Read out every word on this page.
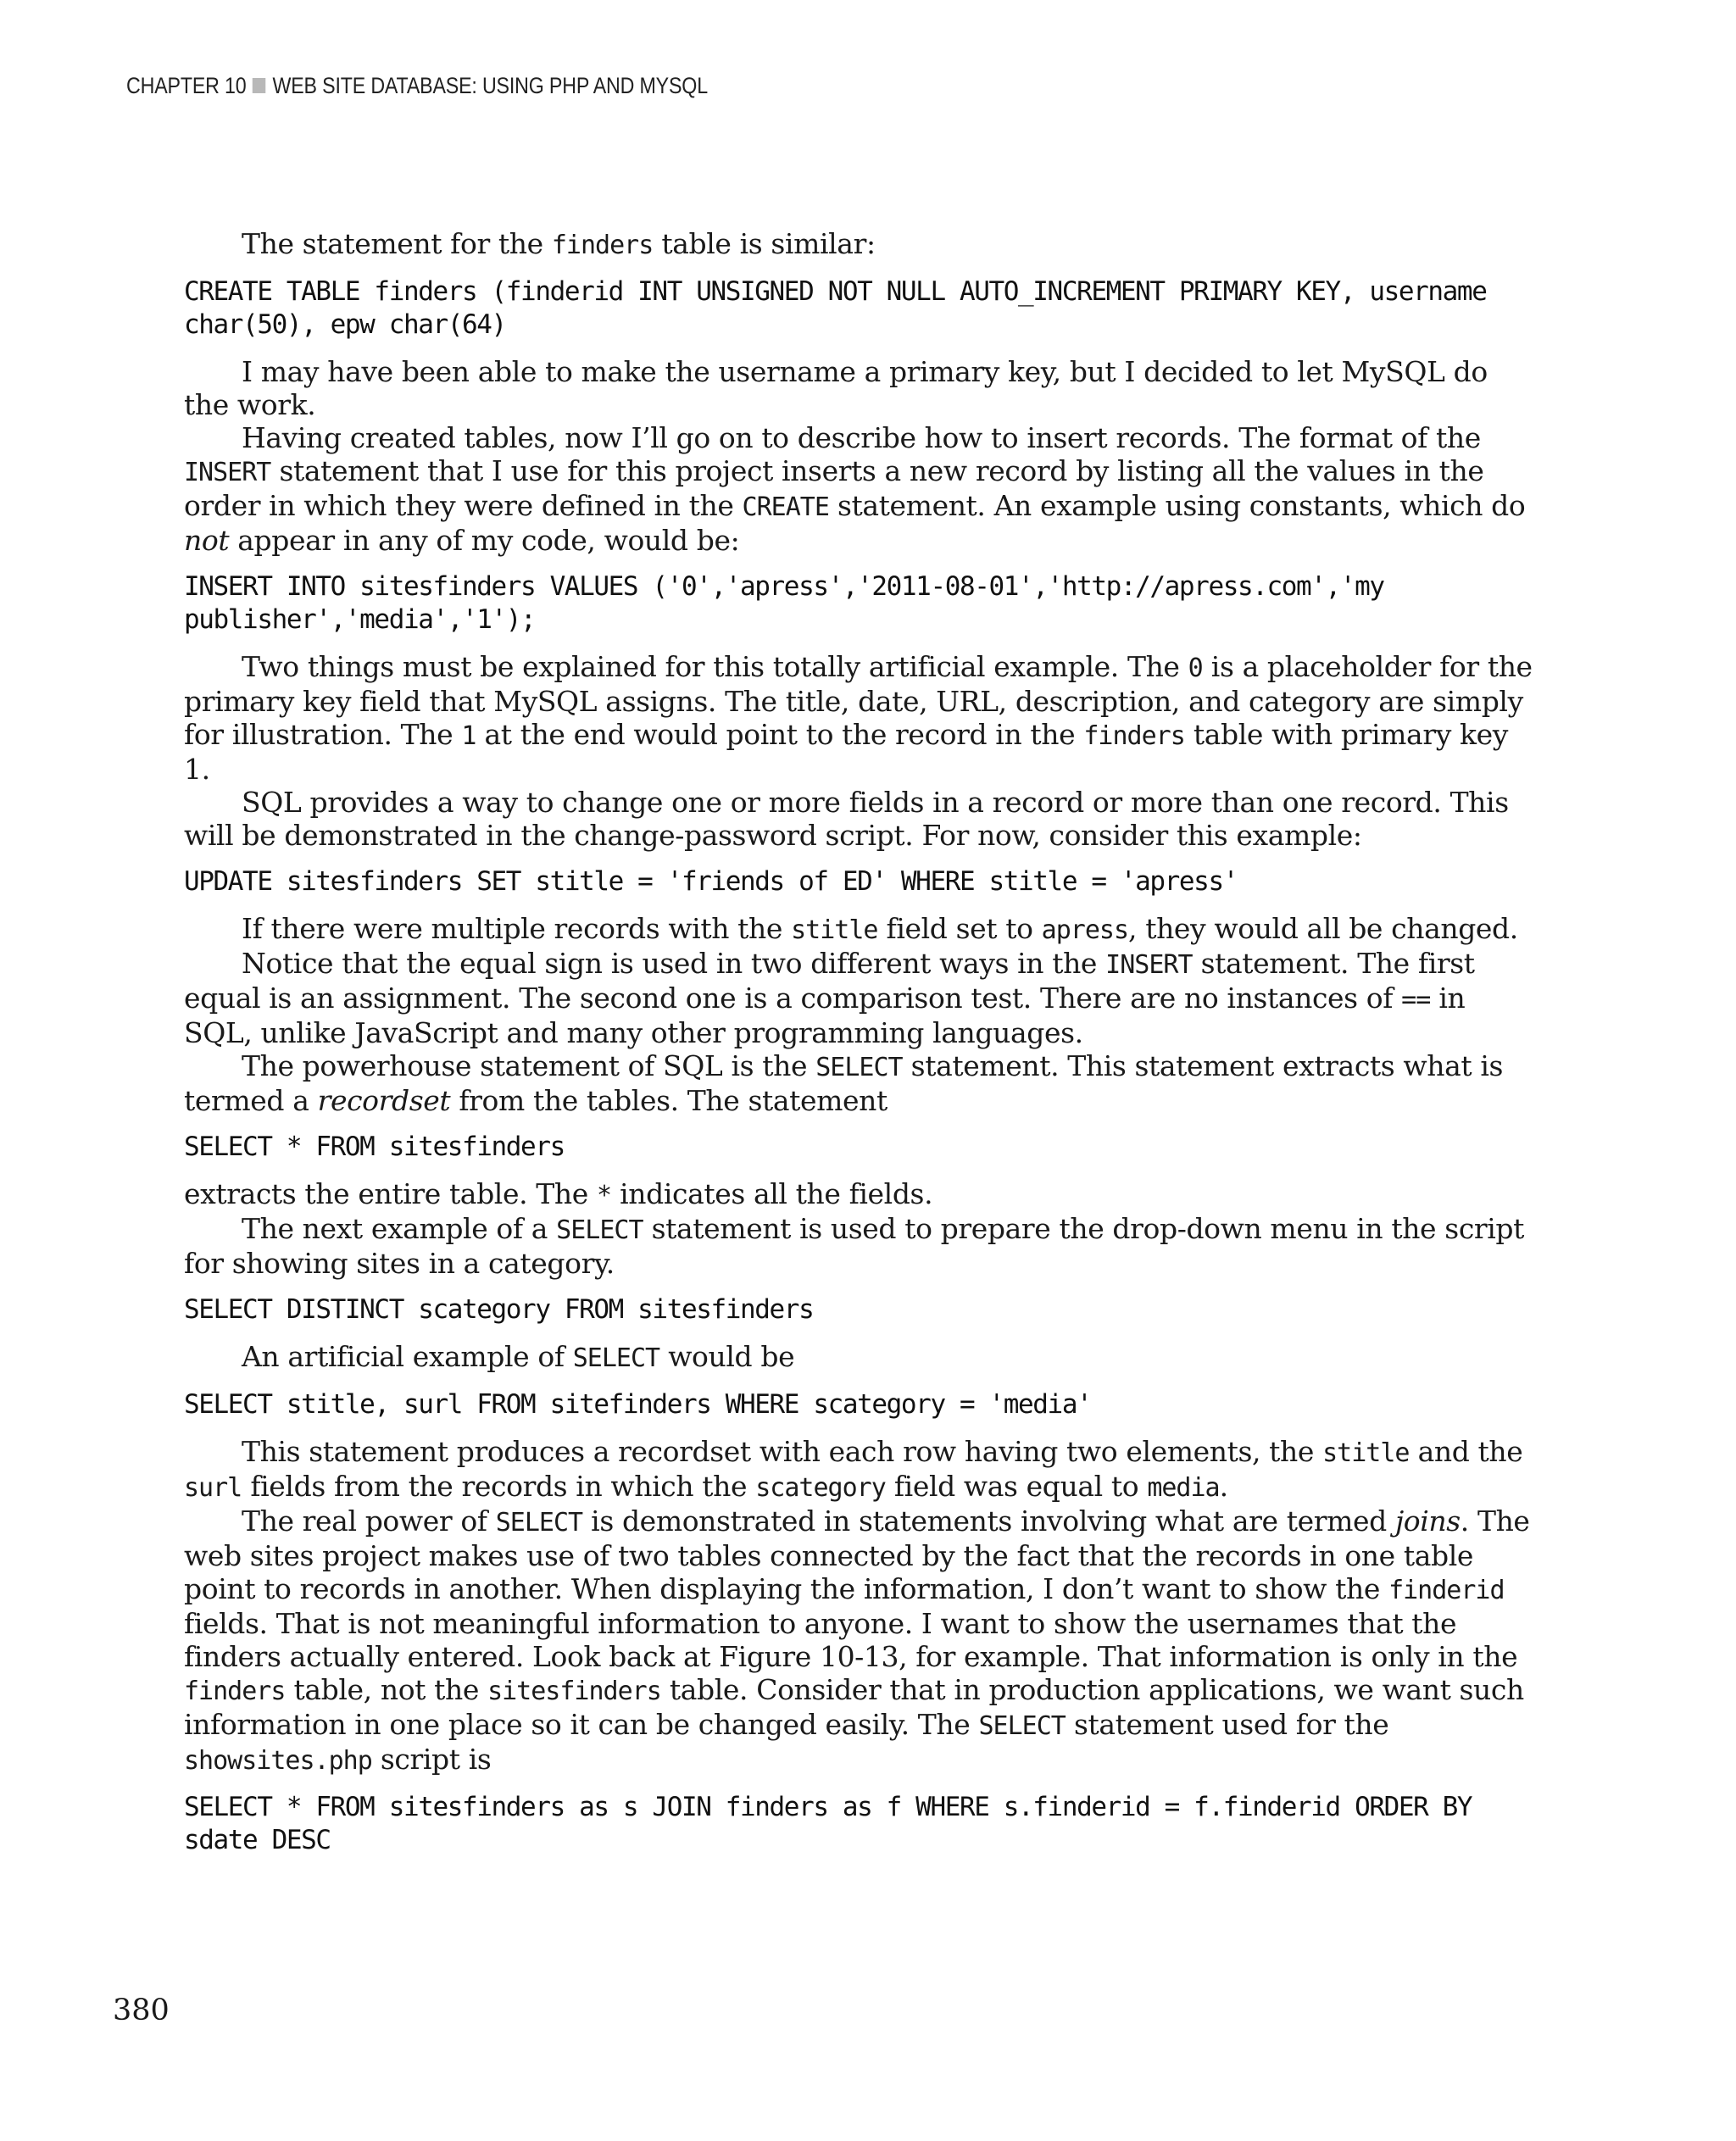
CHAPTER 10 WEB SITE DATABASE: USING PHP AND MYSQL

The statement for the finders table is similar:

CREATE TABLE finders (finderid INT UNSIGNED NOT NULL AUTO_INCREMENT PRIMARY KEY, username char(50), epw char(64)

I may have been able to make the username a primary key, but I decided to let MySQL do the work.

Having created tables, now I’ll go on to describe how to insert records. The format of the INSERT statement that I use for this project inserts a new record by listing all the values in the order in which they were defined in the CREATE statement. An example using constants, which do not appear in any of my code, would be:

INSERT INTO sitesfinders VALUES ('0','apress','2011-08-01','http://apress.com','my publisher','media','1');

Two things must be explained for this totally artificial example. The 0 is a placeholder for the primary key field that MySQL assigns. The title, date, URL, description, and category are simply for illustration. The 1 at the end would point to the record in the finders table with primary key 1.

SQL provides a way to change one or more fields in a record or more than one record. This will be demonstrated in the change-password script. For now, consider this example:

UPDATE sitesfinders SET stitle = 'friends of ED' WHERE stitle = 'apress'

If there were multiple records with the stitle field set to apress, they would all be changed.

Notice that the equal sign is used in two different ways in the INSERT statement. The first equal is an assignment. The second one is a comparison test. There are no instances of == in SQL, unlike JavaScript and many other programming languages.

The powerhouse statement of SQL is the SELECT statement. This statement extracts what is termed a recordset from the tables. The statement

SELECT * FROM sitesfinders

extracts the entire table. The * indicates all the fields.

The next example of a SELECT statement is used to prepare the drop-down menu in the script for showing sites in a category.

SELECT DISTINCT scategory FROM sitesfinders

An artificial example of SELECT would be

SELECT stitle, surl FROM sitefinders WHERE scategory = 'media'

This statement produces a recordset with each row having two elements, the stitle and the surl fields from the records in which the scategory field was equal to media.

The real power of SELECT is demonstrated in statements involving what are termed joins. The web sites project makes use of two tables connected by the fact that the records in one table point to records in another. When displaying the information, I don’t want to show the finderid fields. That is not meaningful information to anyone. I want to show the usernames that the finders actually entered. Look back at Figure 10-13, for example. That information is only in the finders table, not the sitesfinders table. Consider that in production applications, we want such information in one place so it can be changed easily. The SELECT statement used for the showsites.php script is

SELECT * FROM sitesfinders as s JOIN finders as f WHERE s.finderid = f.finderid ORDER BY sdate DESC
380
